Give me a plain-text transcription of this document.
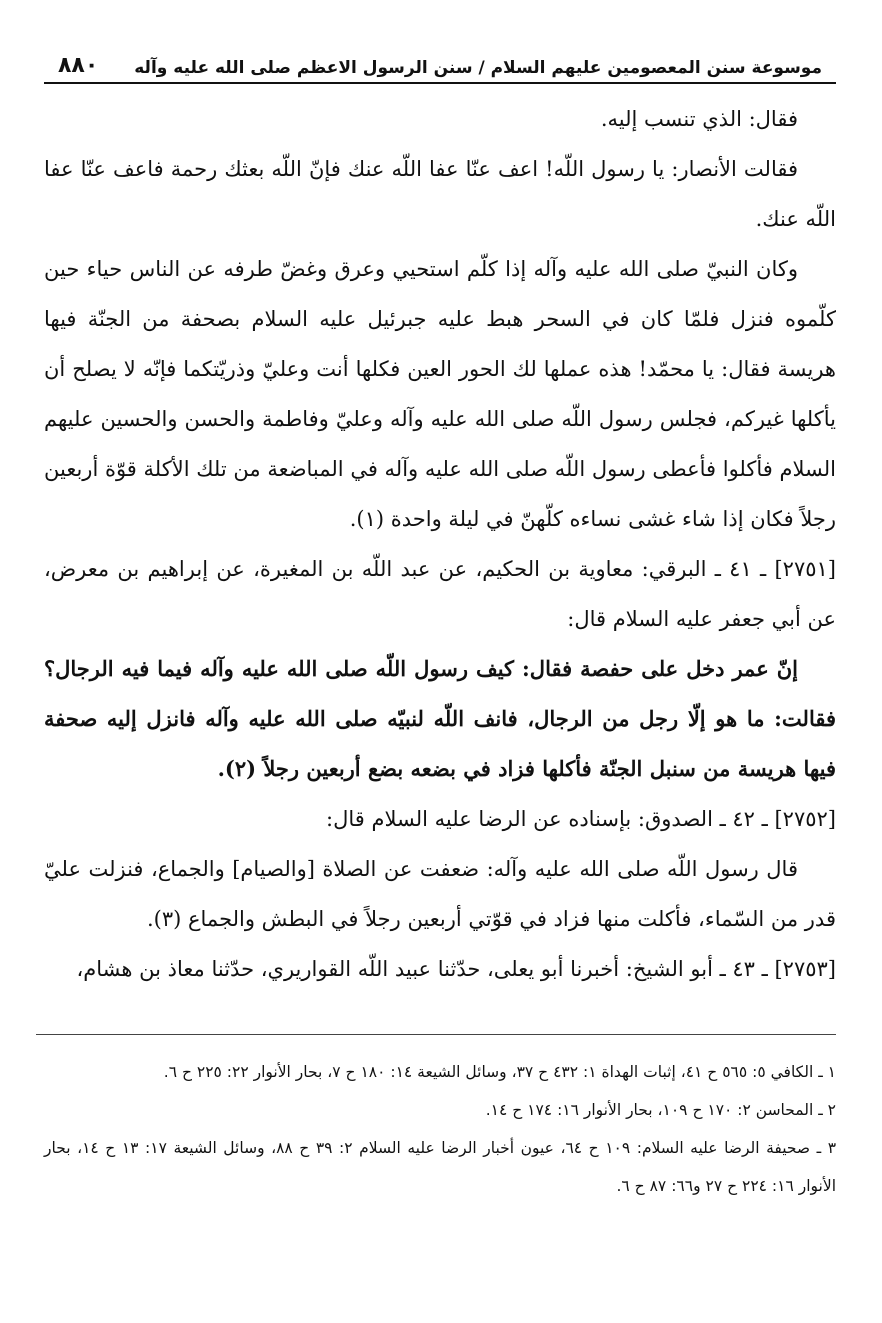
موسوعة سنن المعصومين عليهم السلام / سنن الرسول الاعظم صلى الله عليه وآله
٨٨٠

فقال: الذي تنسب إليه.

فقالت الأنصار: يا رسول اللّه! اعف عنّا عفا اللّه عنك فإنّ اللّه بعثك رحمة فاعف عنّا عفا اللّه عنك.

وكان النبيّ صلى الله عليه وآله إذا كلّم استحيي وعرق وغضّ طرفه عن الناس حياء حين كلّموه فنزل فلمّا كان في السحر هبط عليه جبرئيل عليه السلام بصحفة من الجنّة فيها هريسة فقال: يا محمّد! هذه عملها لك الحور العين فكلها أنت وعليّ وذريّتكما فإنّه لا يصلح أن يأكلها غيركم، فجلس رسول اللّه صلى الله عليه وآله وعليّ وفاطمة والحسن والحسين عليهم السلام فأكلوا فأعطى رسول اللّه صلى الله عليه وآله في المباضعة من تلك الأكلة قوّة أربعين رجلاً فكان إذا شاء غشى نساءه كلّهنّ في ليلة واحدة (١).

[٢٧٥١] ـ ٤١ ـ البرقي: معاوية بن الحكيم، عن عبد اللّه بن المغيرة، عن إبراهيم بن معرض، عن أبي جعفر عليه السلام قال:

إنّ عمر دخل على حفصة فقال: كيف رسول اللّه صلى الله عليه وآله فيما فيه الرجال؟ فقالت: ما هو إلّا رجل من الرجال، فانف اللّه لنبيّه صلى الله عليه وآله فانزل إليه صحفة فيها هريسة من سنبل الجنّة فأكلها فزاد في بضعه بضع أربعين رجلاً (٢).

[٢٧٥٢] ـ ٤٢ ـ الصدوق: بإسناده عن الرضا عليه السلام قال:

قال رسول اللّه صلى الله عليه وآله: ضعفت عن الصلاة [والصيام] والجماع، فنزلت عليّ قدر من السّماء، فأكلت منها فزاد في قوّتي أربعين رجلاً في البطش والجماع (٣).

[٢٧٥٣] ـ ٤٣ ـ أبو الشيخ: أخبرنا أبو يعلى، حدّثنا عبيد اللّه القواريري، حدّثنا معاذ بن هشام،

١ ـ الكافي ٥: ٥٦٥ ح ٤١، إثبات الهداة ١: ٤٣٢ ح ٣٧، وسائل الشيعة ١٤: ١٨٠ ح ٧، بحار الأنوار ٢٢: ٢٢٥ ح ٦.

٢ ـ المحاسن ٢: ١٧٠ ح ١٠٩، بحار الأنوار ١٦: ١٧٤ ح ١٤.

٣ ـ صحيفة الرضا عليه السلام: ١٠٩ ح ٦٤، عيون أخبار الرضا عليه السلام ٢: ٣٩ ح ٨٨، وسائل الشيعة ١٧: ١٣ ح ١٤، بحار الأنوار ١٦: ٢٢٤ ح ٢٧ و٦٦: ٨٧ ح ٦.
